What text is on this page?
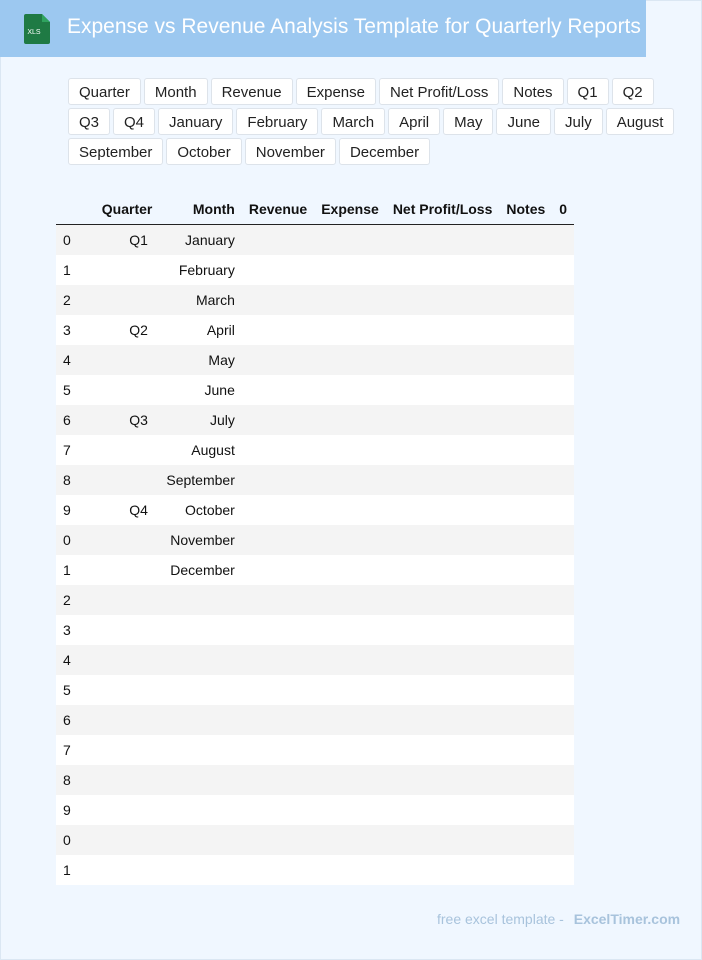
XLS Expense vs Revenue Analysis Template for Quarterly Reports
Quarter	Month	Revenue	Expense	Net Profit/Loss	Notes	Q1	Q2
Q3	Q4	January	February	March	April	May	June	July	August
September	October	November	December
	Quarter	Month	Revenue	Expense	Net Profit/Loss	Notes	0
0	Q1	January					
1		February					
2		March					
3	Q2	April					
4		May					
5		June					
6	Q3	July					
7		August					
8		September					
9	Q4	October					
0		November					
1		December					
2							
3							
4							
5							
6							
7							
8							
9							
0							
1							
free excel template - ExcelTimer.com
